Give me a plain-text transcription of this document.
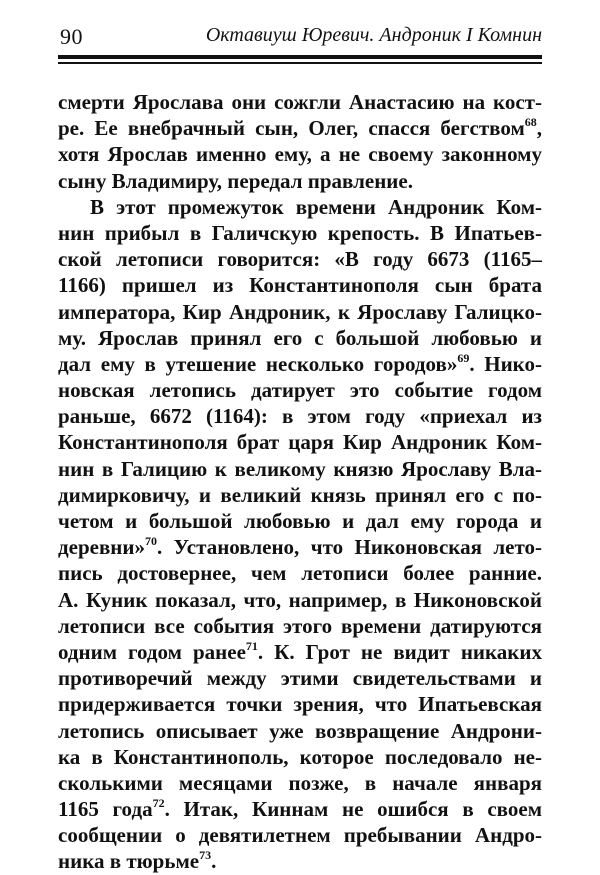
90	Октавиуш Юревич. Андроник I Комнин
смерти Ярослава они сожгли Анастасию на кост-
ре. Ее внебрачный сын, Олег, спасся бегством$^{68}$,
хотя Ярослав именно ему, а не своему законному
сыну Владимиру, передал правление.
В этот промежуток времени Андроник Ком-
нин прибыл в Галичскую крепость. В Ипатьев-
ской летописи говорится: «В году 6673 (1165–
1166) пришел из Константинополя сын брата
императора, Кир Андроник, к Ярославу Галицко-
му. Ярослав принял его с большой любовью и
дал ему в утешение несколько городов»$^{69}$. Нико-
новская летопись датирует это событие годом
раньше, 6672 (1164): в этом году «приехал из
Константинополя брат царя Кир Андроник Ком-
нин в Галицию к великому князю Ярославу Вла-
димирковичу, и великий князь принял его с по-
четом и большой любовью и дал ему города и
деревни»$^{70}$. Установлено, что Никоновская лето-
пись достовернее, чем летописи более ранние.
А. Куник показал, что, например, в Никоновской
летописи все события этого времени датируются
одним годом ранее$^{71}$. К. Грот не видит никаких
противоречий между этими свидетельствами и
придерживается точки зрения, что Ипатьевская
летопись описывает уже возвращение Андрони-
ка в Константинополь, которое последовало не-
сколькими месяцами позже, в начале января
1165 года$^{72}$. Итак, Киннам не ошибся в своем
сообщении о девятилетнем пребывании Андро-
ника в тюрьме$^{73}$.
